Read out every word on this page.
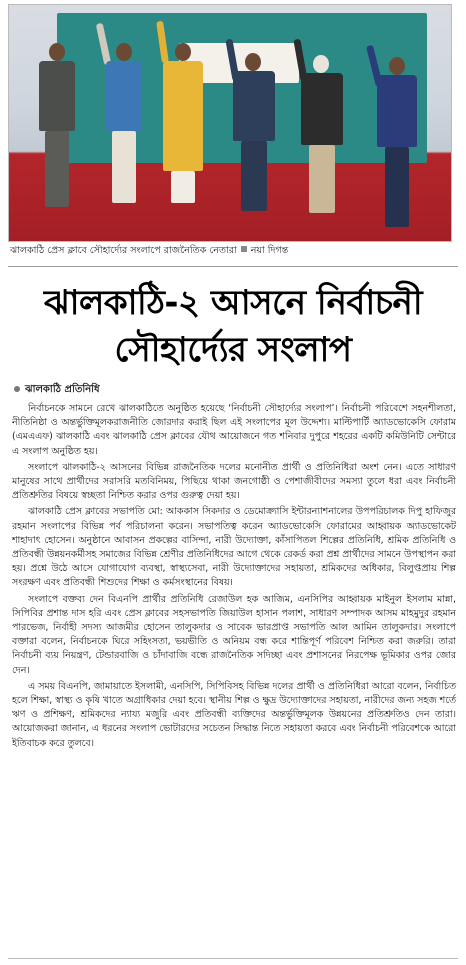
ঝালকাঠি প্রেস ক্লাবে সৌহার্দ্যের সংলাপে রাজনৈতিক নেতারা নয়া দিগন্ত
ঝালকাঠি-২ আসনে নির্বাচনী
সৌহার্দ্যের সংলাপ
ঝালকাঠি প্রতিনিধি

নির্বাচনকে সামনে রেখে ঝালকাঠিতে অনুষ্ঠিত হয়েছে ‘নির্বাচনী সৌহার্দ্যের সংলাপ’। নির্বাচনী পরিবেশে সহনশীলতা, নীতিনিষ্ঠা ও অন্তর্ভুক্তিমূলকরাজনীতি জোরদার করাই ছিল এই সংলাপের মূল উদ্দেশ্য। মাল্টিপার্টি অ্যাডভোকেসি ফোরাম (এমএএফ) ঝালকাঠি এবং ঝালকাঠি প্রেস ক্লাবের যৌথ আয়োজনে গত শনিবার দুপুরে শহরের একটি কমিউনিটি সেন্টারে এ সংলাপ অনুষ্ঠিত হয়।

সংলাপে ঝালকাঠি-২ আসনের বিভিন্ন রাজনৈতিক দলের মনোনীত প্রার্থী ও প্রতিনিধিরা অংশ নেন। এতে সাধারণ মানুষের সাথে প্রার্থীদের সরাসরি মতবিনিময়, পিছিয়ে থাকা জনগোষ্ঠী ও পেশাজীবীদের সমস্যা তুলে ধরা এবং নির্বাচনী প্রতিশ্রুতির বিষয়ে স্বচ্ছতা নিশ্চিত করার ওপর গুরুত্ব দেয়া হয়।

ঝালকাঠি প্রেস ক্লাবের সভাপতি মো: আককাস সিকদার ও ডেমোক্র্যাসি ইন্টারন্যাশনালের উপপরিচালক দিপু হাফিজুর রহমান সংলাপের বিভিন্ন পর্ব পরিচালনা করেন। সভাপতিত্ব করেন অ্যাডভোকেসি ফোরামের আহ্বায়ক অ্যাডভোকেট শাহাদাৎ হোসেন। অনুষ্ঠানে আবাসন প্রকল্পের বাসিন্দা, নারী উদ্যোক্তা, কাঁসাপিতল শিল্পের প্রতিনিধি, শ্রমিক প্রতিনিধি ও প্রতিবন্ধী উন্নয়নকর্মীসহ সমাজের বিভিন্ন শ্রেণীর প্রতিনিধিদের আগে থেকে রেকর্ড করা প্রশ্ন প্রার্থীদের সামনে উপস্থাপন করা হয়। প্রশ্নে উঠে আসে যোগাযোগ ব্যবস্থা, স্বাস্থ্যসেবা, নারী উদ্যোক্তাদের সহায়তা, শ্রমিকদের অধিকার, বিলুপ্তপ্রায় শিল্প সংরক্ষণ এবং প্রতিবন্ধী শিশুদের শিক্ষা ও কর্মসংস্থানের বিষয়।

সংলাপে বক্তব্য দেন বিএনপি প্রার্থীর প্রতিনিধি রেজাউল হক আজিম, এনসিপির আহ্বায়ক মাইনুল ইসলাম মান্না, সিপিবির প্রশান্ত দাস হরি এবং প্রেস ক্লাবের সহসভাপতি জিয়াউল হাসান পলাশ, সাধারণ সম্পাদক আসম মাহমুদুর রহমান পারভেজ, নির্বাহী সদস্য আজমীর হোসেন তালুকদার ও সাবেক ভারপ্রাপ্ত সভাপতি আল আমিন তালুকদার। সংলাপে বক্তারা বলেন, নির্বাচনকে ঘিরে সহিংসতা, ভয়ভীতি ও অনিয়ম বন্ধ করে শান্তিপূর্ণ পরিবেশ নিশ্চিত করা জরুরি। তারা নির্বাচনী ব্যয় নিয়ন্ত্রণ, টেন্ডারবাজি ও চাঁদাবাজি বন্ধে রাজনৈতিক সদিচ্ছা এবং প্রশাসনের নিরপেক্ষ ভূমিকার ওপর জোর দেন।

এ সময় বিএনপি, জামায়াতে ইসলামী, এনসিপি, সিপিবিসহ বিভিন্ন দলের প্রার্থী ও প্রতিনিধিরা আরো বলেন, নির্বাচিত হলে শিক্ষা, স্বাস্থ্য ও কৃষি খাতে অগ্রাধিকার দেয়া হবে। স্থানীয় শিল্প ও ক্ষুদ্র উদ্যোক্তাদের সহায়তা, নারীদের জন্য সহজ শর্তে ঋণ ও প্রশিক্ষণ, শ্রমিকদের ন্যায্য মজুরি এবং প্রতিবন্ধী ব্যক্তিদের অন্তর্ভুক্তিমূলক উন্নয়নের প্রতিশ্রুতিও দেন তারা। আয়োজকরা জানান, এ ধরনের সংলাপ ভোটারদের সচেতন সিদ্ধান্ত নিতে সহায়তা করবে এবং নির্বাচনী পরিবেশকে আরো ইতিবাচক করে তুলবে।
